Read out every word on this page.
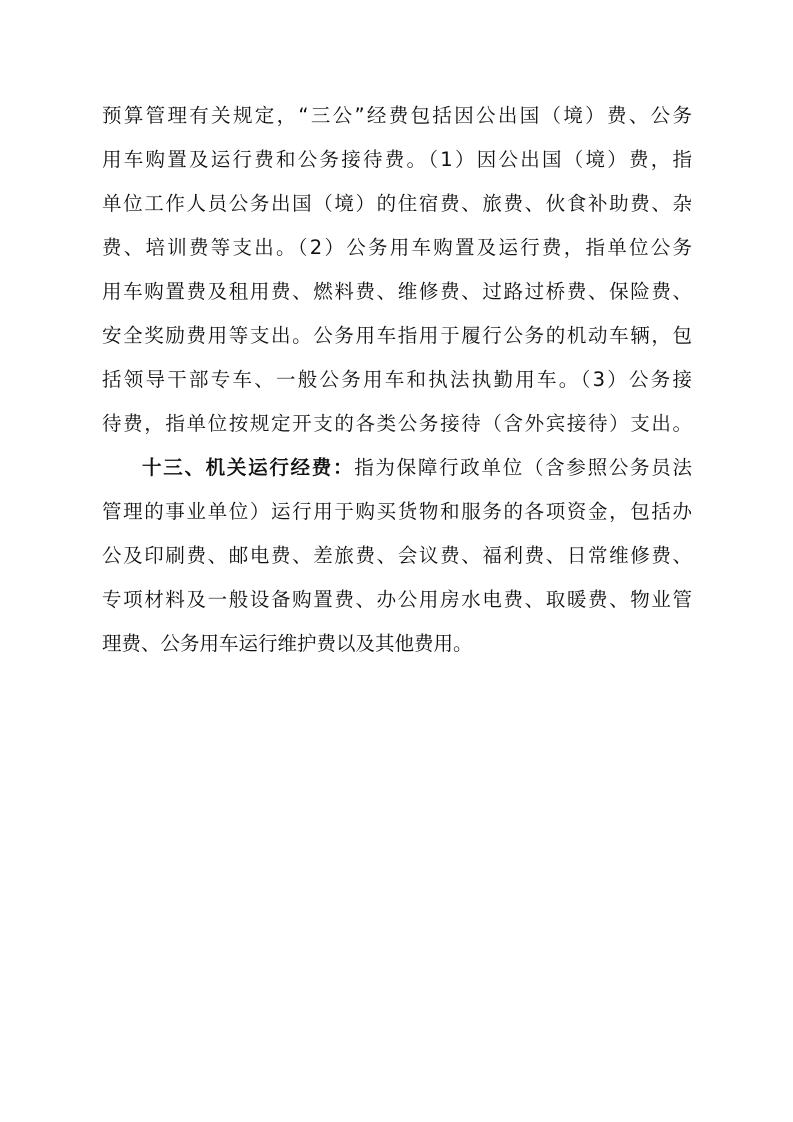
预算管理有关规定，“三公”经费包括因公出国（境）费、公务
用车购置及运行费和公务接待费。（1）因公出国（境）费，指
单位工作人员公务出国（境）的住宿费、旅费、伙食补助费、杂
费、培训费等支出。（2）公务用车购置及运行费，指单位公务
用车购置费及租用费、燃料费、维修费、过路过桥费、保险费、
安全奖励费用等支出。公务用车指用于履行公务的机动车辆，包
括领导干部专车、一般公务用车和执法执勤用车。（3）公务接
待费，指单位按规定开支的各类公务接待（含外宾接待）支出。
十三、机关运行经费：指为保障行政单位（含参照公务员法
管理的事业单位）运行用于购买货物和服务的各项资金，包括办
公及印刷费、邮电费、差旅费、会议费、福利费、日常维修费、
专项材料及一般设备购置费、办公用房水电费、取暖费、物业管
理费、公务用车运行维护费以及其他费用。
